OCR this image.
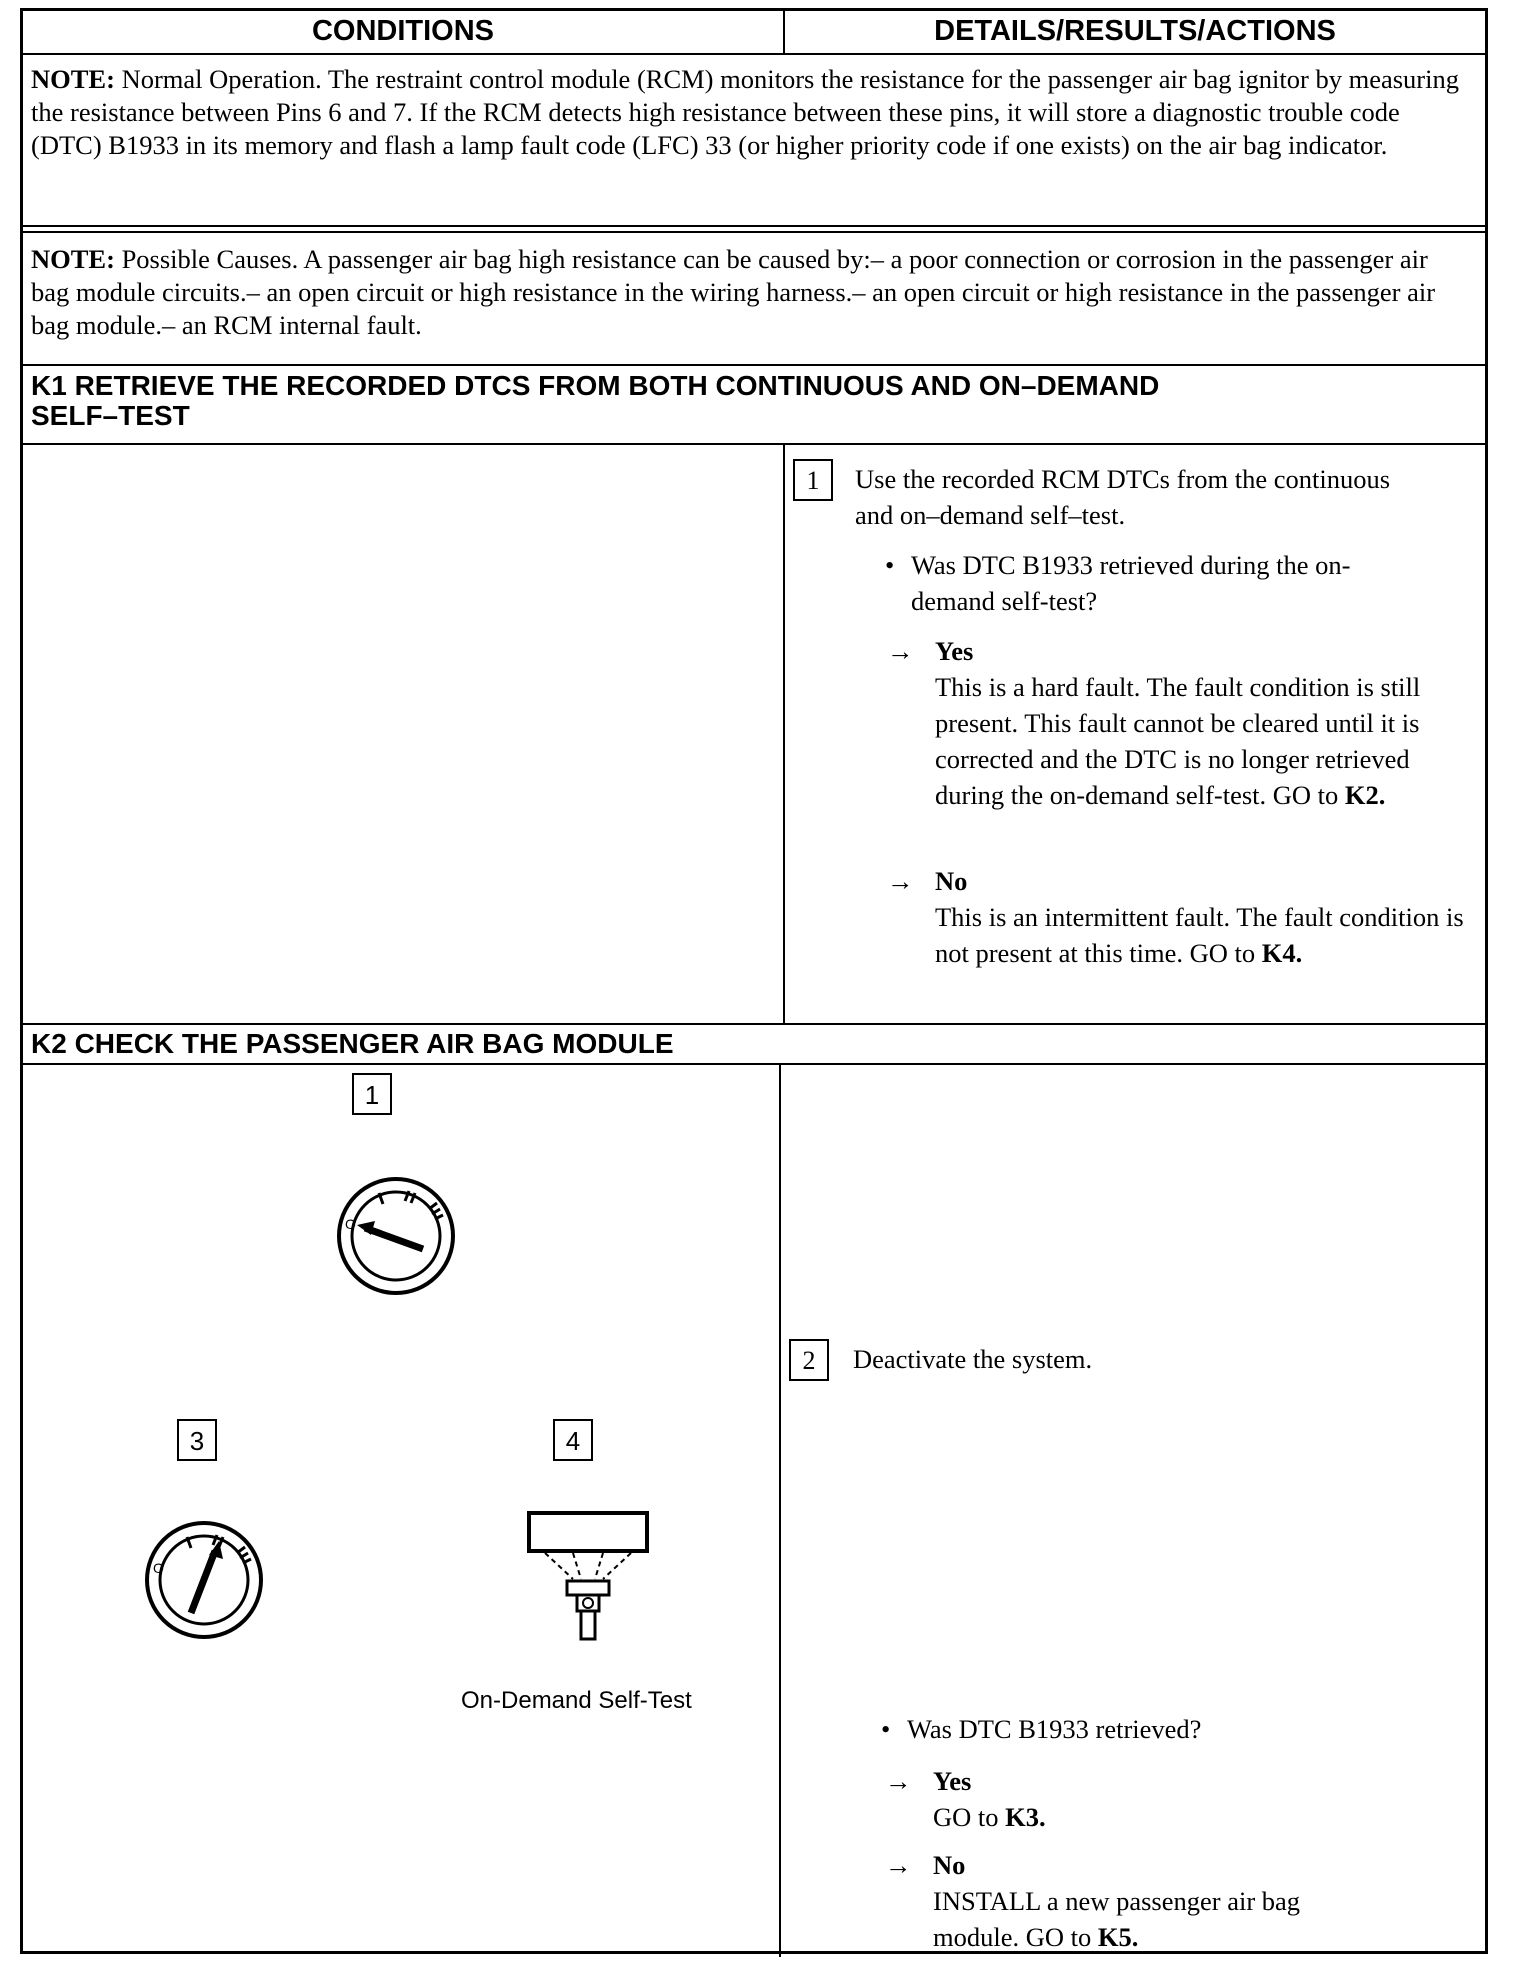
CONDITIONS	DETAILS/RESULTS/ACTIONS
NOTE: Normal Operation. The restraint control module (RCM) monitors the resistance for the passenger air bag ignitor by measuring the resistance between Pins 6 and 7. If the RCM detects high resistance between these pins, it will store a diagnostic trouble code (DTC) B1933 in its memory and flash a lamp fault code (LFC) 33 (or higher priority code if one exists) on the air bag indicator.
NOTE: Possible Causes. A passenger air bag high resistance can be caused by:– a poor connection or corrosion in the passenger air bag module circuits.– an open circuit or high resistance in the wiring harness.– an open circuit or high resistance in the passenger air bag module.– an RCM internal fault.
K1 RETRIEVE THE RECORDED DTCS FROM BOTH CONTINUOUS AND ON–DEMAND SELF–TEST
1	Use the recorded RCM DTCs from the continuous and on–demand self–test.
• Was DTC B1933 retrieved during the on-demand self-test?
→ Yes
This is a hard fault. The fault condition is still present. This fault cannot be cleared until it is corrected and the DTC is no longer retrieved during the on-demand self-test. GO to K2.
→ No
This is an intermittent fault. The fault condition is not present at this time. GO to K4.
K2 CHECK THE PASSENGER AIR BAG MODULE
1
O
3
O
4
On-Demand Self-Test
2	Deactivate the system.
• Was DTC B1933 retrieved?
→ Yes
GO to K3.
→ No
INSTALL a new passenger air bag module. GO to K5.
